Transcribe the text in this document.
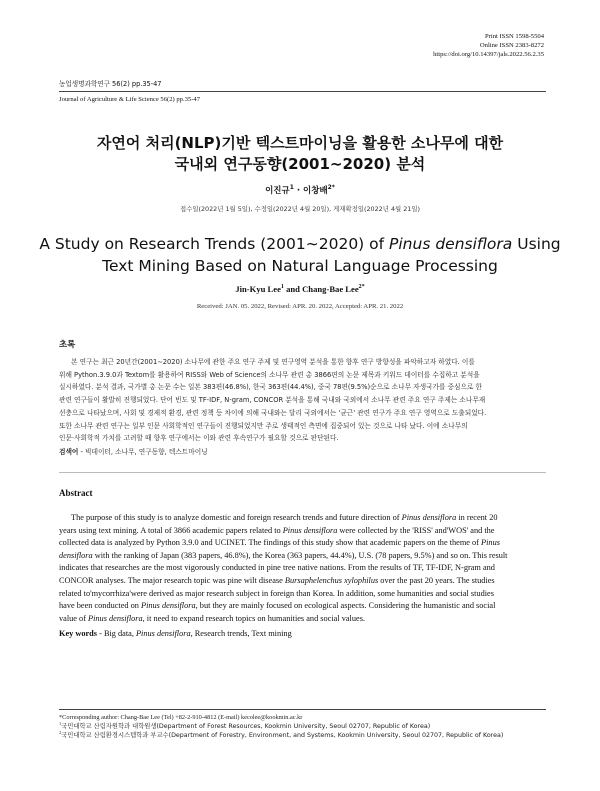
Print ISSN 1598-5504
Online ISSN 2383-8272
https://doi.org/10.14397/jals.2022.56.2.35
농업생명과학연구 56(2) pp.35-47
Journal of Agriculture & Life Science 56(2) pp.35-47
자연어 처리(NLP)기반 텍스트마이닝을 활용한 소나무에 대한
국내외 연구동향(2001∼2020) 분석
이진규$^1$ · 이창배$^{2*}$
접수일(2022년 1월 5일), 수정일(2022년 4월 20일), 게재확정일(2022년 4월 21일)
A Study on Research Trends (2001∼2020) of Pinus densiflora Using
Text Mining Based on Natural Language Processing
Jin-Kyu Lee$^1$ and Chang-Bae Lee$^{2*}$
Received: JAN. 05. 2022, Revised: APR. 20. 2022, Accepted: APR. 21. 2022
초록
본 연구는 최근 20년간(2001∼2020) 소나무에 관한 주요 연구 주제 및 연구영역 분석을 통한 향후 연구 방향성을 파악하고자 하였다. 이를
위해 Python.3.9.0과 Textom를 활용하여 RISS와 Web of Science의 소나무 관련 총 3866편의 논문 제목과 키워드 데이터를 수집하고 분석을
실시하였다. 분석 결과, 국가별 총 논문 수는 일본 383편(46.8%), 한국 363편(44.4%), 중국 78편(9.5%)순으로 소나무 자생국가를 중심으로 한
관련 연구들이 활발히 진행되었다. 단어 빈도 및 TF-IDF, N-gram, CONCOR 분석을 통해 국내와 국외에서 소나무 관련 주요 연구 주제는 소나무재
선충으로 나타났으며, 사회 및 경제적 환경, 관련 정책 등 차이에 의해 국내와는 달리 국외에서는 '균근' 관련 연구가 주요 연구 영역으로 도출되었다.
또한 소나무 관련 연구는 일부 인문 사회학적인 연구들이 진행되었지만 주로 생태적인 측면에 집중되어 있는 것으로 나타 났다. 이에 소나무의
인문·사회학적 가치를 고려할 때 향후 연구에서는 이와 관련 후속연구가 필요할 것으로 판단된다.
검색어 - 빅데이터, 소나무, 연구동향, 텍스트마이닝
Abstract
The purpose of this study is to analyze domestic and foreign research trends and future direction of Pinus densiflora in recent 20
years using text mining. A total of 3866 academic papers related to Pinus densiflora were collected by the 'RISS' and'WOS' and the
collected data is analyzed by Python 3.9.0 and UCINET. The findings of this study show that academic papers on the theme of Pinus
densiflora with the ranking of Japan (383 papers, 46.8%), the Korea (363 papers, 44.4%), U.S. (78 papers, 9.5%) and so on. This result
indicates that researches are the most vigorously conducted in pine tree native nations. From the results of TF, TF-IDF, N-gram and
CONCOR analyses. The major research topic was pine wilt disease Bursaphelenchus xylophilus over the past 20 years. The studies
related to'mycorrhiza'were derived as major research subject in foreign than Korea. In addition, some humanities and social studies
have been conducted on Pinus densiflora, but they are mainly focused on ecological aspects. Considering the humanistic and social
value of Pinus densiflora, it need to expand research topics on humanities and social values.
Key words - Big data, Pinus densiflora, Research trends, Text mining
*Corresponding author: Chang-Bae Lee (Tel) +82-2-910-4812 (E-mail) kecolee@kookmin.ac.kr
$^1$국민대학교 산림자원학과 대학원생(Department of Forest Resources, Kookmin University, Seoul 02707, Republic of Korea)
$^2$국민대학교 산림환경시스템학과 부교수(Department of Forestry, Environment, and Systems, Kookmin University, Seoul 02707, Republic of Korea)
